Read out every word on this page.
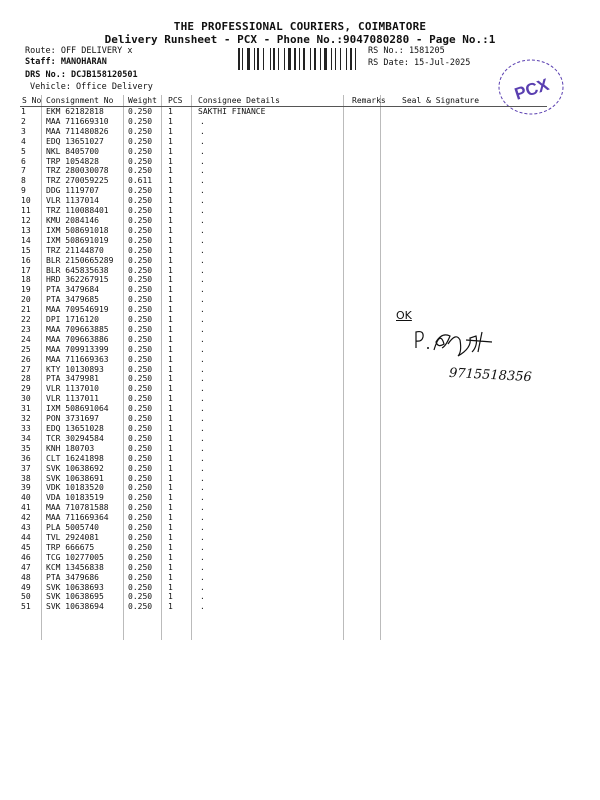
THE PROFESSIONAL COURIERS, COIMBATORE
Delivery Runsheet - PCX - Phone No.:9047080280 - Page No.:1
Route: OFF DELIVERY x
Staff: MANOHARAN
DRS No.: DCJB158120501
Vehicle: Office Delivery
RS No.: 1581205
RS Date: 15-Jul-2025
PCX
S No	Consignment No	Weight	PCS	Consignee Details	Remarks	Seal & Signature
1	EKM 62182818	0.250	1	SAKTHI FINANCE		

2	MAA 711669310	0.250	1	.		
3	MAA 711480826	0.250	1	.		
4	EDQ 13651027	0.250	1	.		
5	NKL 8405700	0.250	1	.		
6	TRP 1054828	0.250	1	.		
7	TRZ 280030078	0.250	1	.		
8	TRZ 270059225	0.611	1	.		
9	DDG 1119707	0.250	1	.		
10	VLR 1137014	0.250	1	.		
11	TRZ 110088401	0.250	1	.		
12	KMU 2084146	0.250	1	.		
13	IXM 508691018	0.250	1	.		
14	IXM 508691019	0.250	1	.		
15	TRZ 21144870	0.250	1	.		
16	BLR 2150665289	0.250	1	.		
17	BLR 645835638	0.250	1	.		
18	HRD 362267915	0.250	1	.		
19	PTA 3479684	0.250	1	.		
20	PTA 3479685	0.250	1	.		
21	MAA 709546919	0.250	1	.		
22	DPI 1716120	0.250	1	.		
23	MAA 709663885	0.250	1	.		
24	MAA 709663886	0.250	1	.		
25	MAA 709913399	0.250	1	.		
26	MAA 711669363	0.250	1	.		
27	KTY 10130893	0.250	1	.		
28	PTA 3479981	0.250	1	.		
29	VLR 1137010	0.250	1	.		
30	VLR 1137011	0.250	1	.		
31	IXM 508691064	0.250	1	.		
32	PON 3731697	0.250	1	.		
33	EDQ 13651028	0.250	1	.		
34	TCR 30294584	0.250	1	.		
35	KNH 180703	0.250	1	.		
36	CLT 16241898	0.250	1	.		
37	SVK 10638692	0.250	1	.		
38	SVK 10638691	0.250	1	.		
39	VDK 10183520	0.250	1	.		
40	VDA 10183519	0.250	1	.		
41	MAA 710781588	0.250	1	.		
42	MAA 711669364	0.250	1	.		
43	PLA 5005740	0.250	1	.		
44	TVL 2924081	0.250	1	.		
45	TRP 666675	0.250	1	.		
46	TCG 10277005	0.250	1	.		
47	KCM 13456838	0.250	1	.		
48	PTA 3479686	0.250	1	.		
49	SVK 10638693	0.250	1	.		
50	SVK 10638695	0.250	1	.		
51	SVK 10638694	0.250	1	.		
OK
9715518356
